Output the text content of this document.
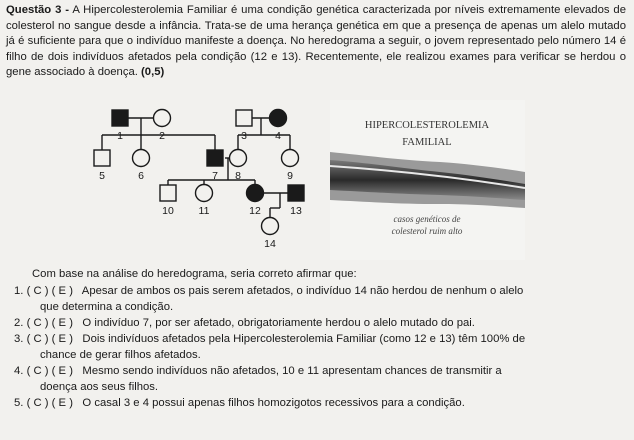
Questão 3 - A Hipercolesterolemia Familiar é uma condição genética caracterizada por níveis extremamente elevados de colesterol no sangue desde a infância. Trata-se de uma herança genética em que a presença de apenas um alelo mutado já é suficiente para que o indivíduo manifeste a doença. No heredograma a seguir, o jovem representado pelo número 14 é filho de dois indivíduos afetados pela condição (12 e 13). Recentemente, ele realizou exames para verificar se herdou o gene associado à doença. (0,5)
1	2	3	4
5	6	7 8	9
10 11	12	13
14
HIPERCOLESTEROLEMIA
FAMILIAL
casos genéticos de
colesterol ruim alto
Com base na análise do heredograma, seria correto afirmar que:
1. ( C ) ( E ) Apesar de ambos os pais serem afetados, o indivíduo 14 não herdou de nenhum o alelo
que determina a condição.
2. ( C ) ( E ) O indivíduo 7, por ser afetado, obrigatoriamente herdou o alelo mutado do pai.
3. ( C ) ( E ) Dois indivíduos afetados pela Hipercolesterolemia Familiar (como 12 e 13) têm 100% de
chance de gerar filhos afetados.
4. ( C ) ( E ) Mesmo sendo indivíduos não afetados, 10 e 11 apresentam chances de transmitir a
doença aos seus filhos.
5. ( C ) ( E ) O casal 3 e 4 possui apenas filhos homozigotos recessivos para a condição.
